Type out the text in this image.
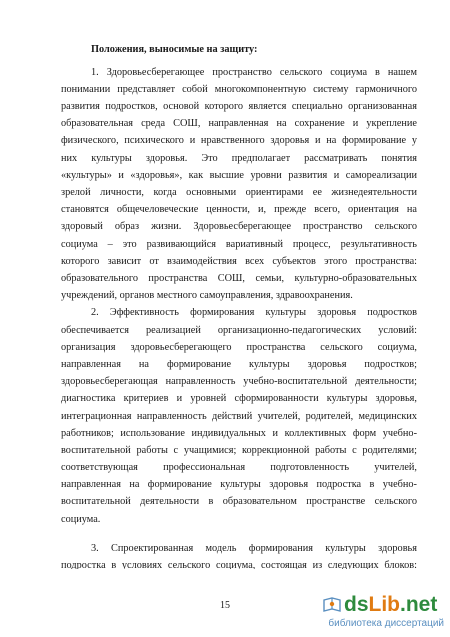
Положения, выносимые на защиту:
1. Здоровьесберегающее пространство сельского социума в нашем
понимании представляет собой многокомпонентную систему гармоничного
развития подростков, основой которого является специально организованная
образовательная среда СОШ, направленная на сохранение и укрепление
физического, психического и нравственного здоровья и на формирование у
них культуры здоровья. Это предполагает рассматривать понятия
«культуры» и «здоровья», как высшие уровни развития и самореализации
зрелой личности, когда основными ориентирами ее жизнедеятельности
становятся общечеловеческие ценности, и, прежде всего, ориентация на
здоровый образ жизни. Здоровьесберегающее пространство сельского
социума – это развивающийся вариативный процесс, результативность
которого зависит от взаимодействия всех субъектов этого пространства:
образовательного пространства СОШ, семьи, культурно-образовательных
учреждений, органов местного самоуправления, здравоохранения.
2. Эффективность формирования культуры здоровья подростков
обеспечивается реализацией организационно-педагогических условий:
организация здоровьесберегающего пространства сельского социума,
направленная на формирование культуры здоровья подростков;
здоровьесберегающая направленность учебно-воспитательной деятельности;
диагностика критериев и уровней сформированности культуры здоровья,
интеграционная направленность действий учителей, родителей, медицинских
работников; использование индивидуальных и коллективных форм учебно-
воспитательной работы с учащимися; коррекционной работы с родителями;
соответствующая профессиональная подготовленность учителей,
направленная на формирование культуры здоровья подростка в учебно-
воспитательной деятельности в образовательном пространстве сельского
социума.
3. Спроектированная модель формирования культуры здоровья
подростка в условиях сельского социума, состоящая из следующих блоков:
15	dsLib.net
библиотека диссертаций
